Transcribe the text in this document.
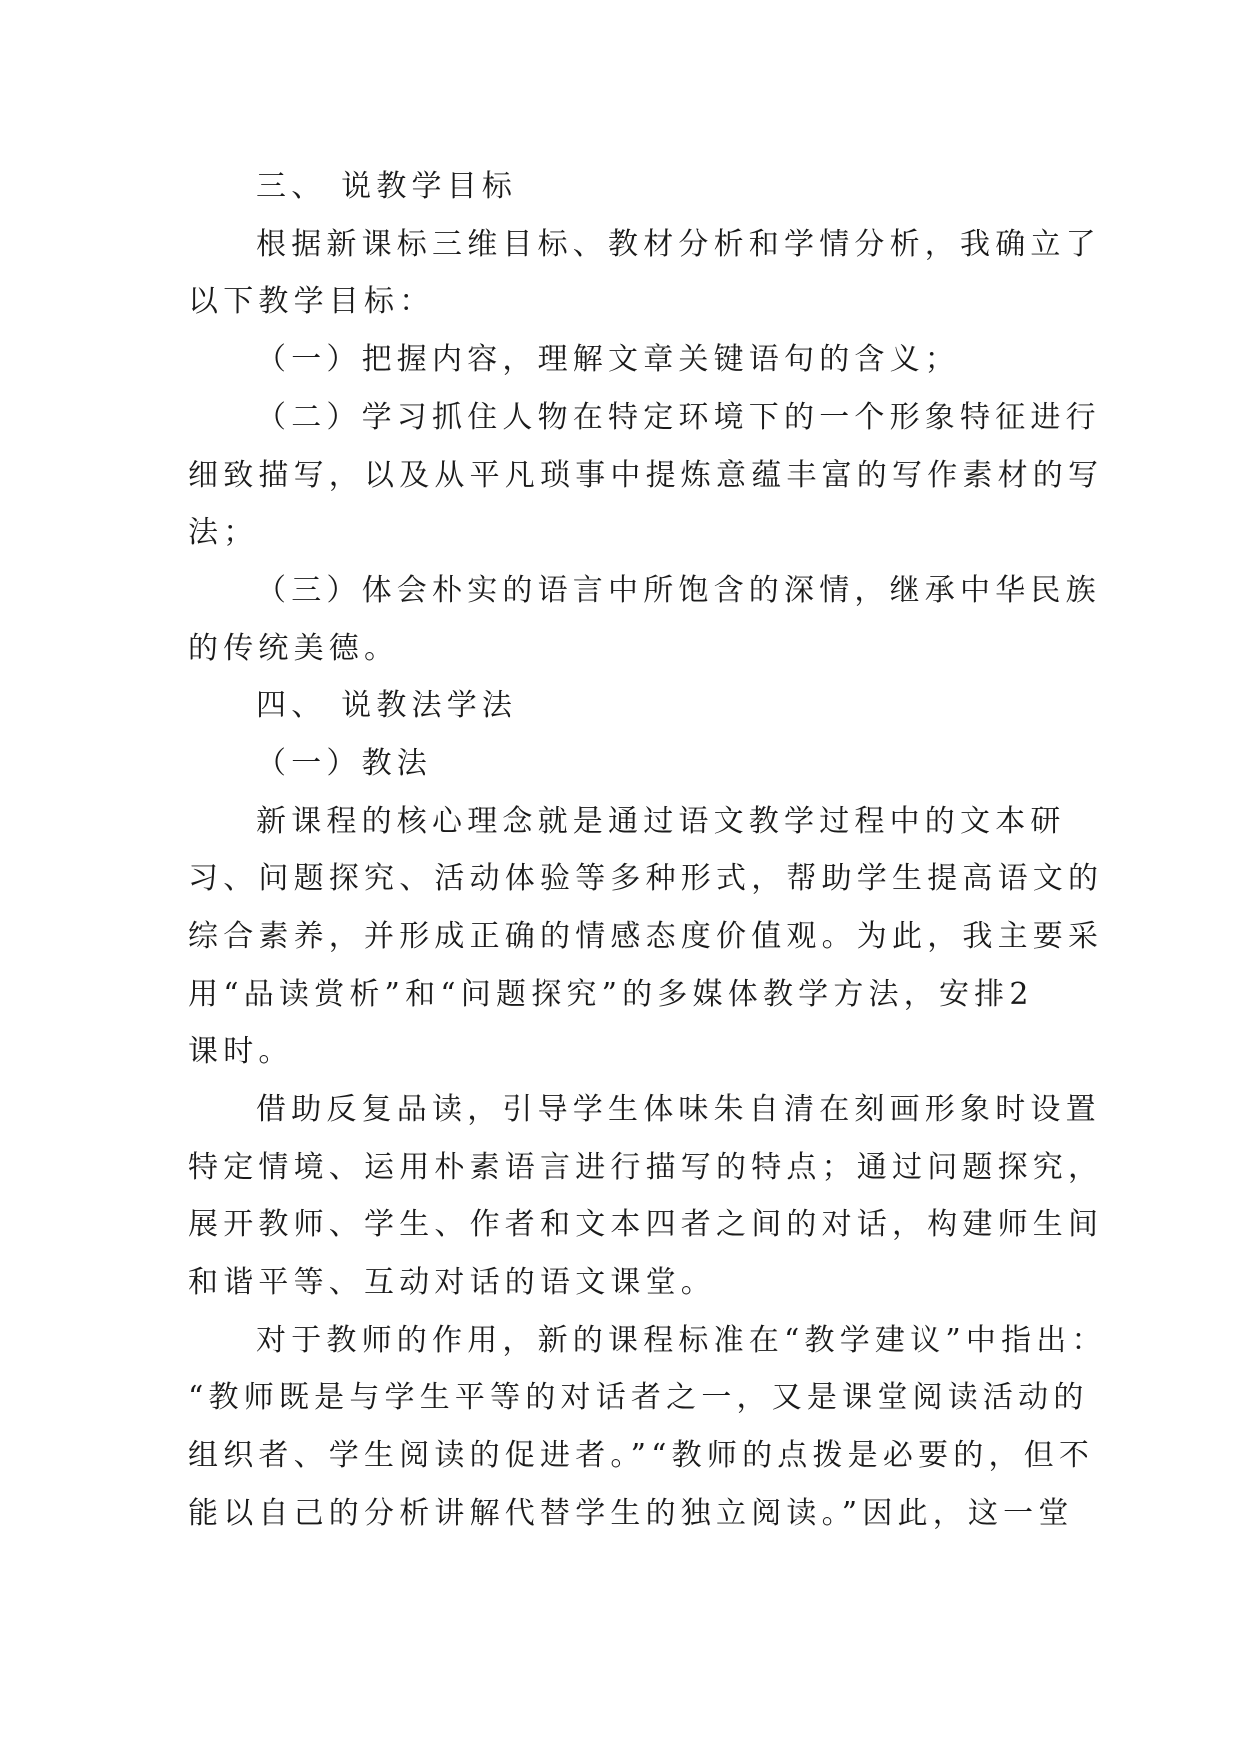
三、 说教学目标
根据新课标三维目标、教材分析和学情分析，我确立了
以下教学目标：
（一）把握内容，理解文章关键语句的含义；
（二）学习抓住人物在特定环境下的一个形象特征进行
细致描写，以及从平凡琐事中提炼意蕴丰富的写作素材的写
法；
（三）体会朴实的语言中所饱含的深情，继承中华民族
的传统美德。
四、 说教法学法
（一）教法
新课程的核心理念就是通过语文教学过程中的文本研
习、问题探究、活动体验等多种形式，帮助学生提高语文的
综合素养，并形成正确的情感态度价值观。为此，我主要采
用“品读赏析”和“问题探究”的多媒体教学方法，安排2
课时。
借助反复品读，引导学生体味朱自清在刻画形象时设置
特定情境、运用朴素语言进行描写的特点；通过问题探究，
展开教师、学生、作者和文本四者之间的对话，构建师生间
和谐平等、互动对话的语文课堂。
对于教师的作用，新的课程标准在“教学建议”中指出：
“教师既是与学生平等的对话者之一，又是课堂阅读活动的
组织者、学生阅读的促进者。”“教师的点拨是必要的，但不
能以自己的分析讲解代替学生的独立阅读。”因此，这一堂
